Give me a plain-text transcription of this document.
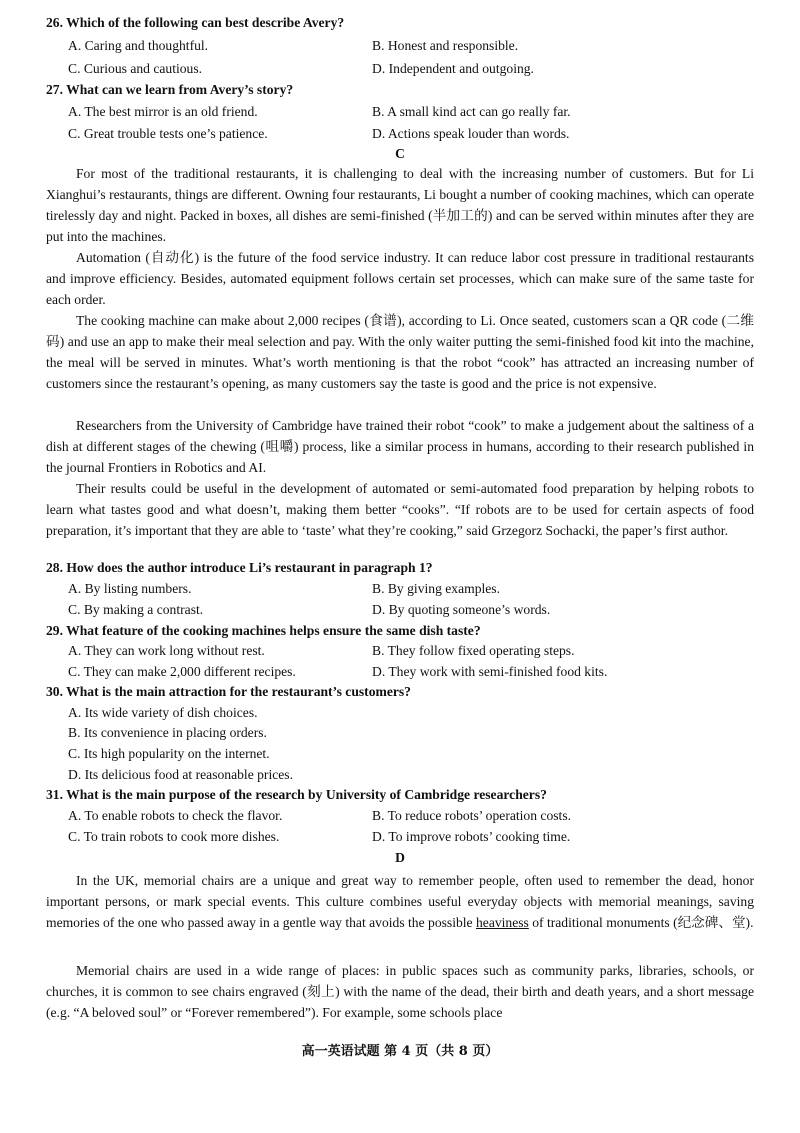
26. Which of the following can best describe Avery?
A. Caring and thoughtful.	B. Honest and responsible.
C. Curious and cautious.	D. Independent and outgoing.
27. What can we learn from Avery’s story?
A. The best mirror is an old friend.	B. A small kind act can go really far.
C. Great trouble tests one’s patience.	D. Actions speak louder than words.
C
For most of the traditional restaurants, it is challenging to deal with the increasing number of customers. But for Li Xianghui’s restaurants, things are different. Owning four restaurants, Li bought a number of cooking machines, which can operate tirelessly day and night. Packed in boxes, all dishes are semi-finished (半加工的) and can be served within minutes after they are put into the machines.
Automation (自动化) is the future of the food service industry. It can reduce labor cost pressure in traditional restaurants and improve efficiency. Besides, automated equipment follows certain set processes, which can make sure of the same taste for each order.
The cooking machine can make about 2,000 recipes (食谱), according to Li. Once seated, customers scan a QR code (二维码) and use an app to make their meal selection and pay. With the only waiter putting the semi-finished food kit into the machine, the meal will be served in minutes. What’s worth mentioning is that the robot “cook” has attracted an increasing number of customers since the restaurant’s opening, as many customers say the taste is good and the price is not expensive.
Researchers from the University of Cambridge have trained their robot “cook” to make a judgement about the saltiness of a dish at different stages of the chewing (咀嚼) process, like a similar process in humans, according to their research published in the journal Frontiers in Robotics and AI.
Their results could be useful in the development of automated or semi-automated food preparation by helping robots to learn what tastes good and what doesn’t, making them better “cooks”. “If robots are to be used for certain aspects of food preparation, it’s important that they are able to ‘taste’ what they’re cooking,” said Grzegorz Sochacki, the paper’s first author.
28. How does the author introduce Li’s restaurant in paragraph 1?
A. By listing numbers.	B. By giving examples.
C. By making a contrast.	D. By quoting someone’s words.
29. What feature of the cooking machines helps ensure the same dish taste?
A. They can work long without rest.	B. They follow fixed operating steps.
C. They can make 2,000 different recipes.	D. They work with semi-finished food kits.
30. What is the main attraction for the restaurant’s customers?
A. Its wide variety of dish choices.
B. Its convenience in placing orders.
C. Its high popularity on the internet.
D. Its delicious food at reasonable prices.
31. What is the main purpose of the research by University of Cambridge researchers?
A. To enable robots to check the flavor.	B. To reduce robots’ operation costs.
C. To train robots to cook more dishes.	D. To improve robots’ cooking time.
D
In the UK, memorial chairs are a unique and great way to remember people, often used to remember the dead, honor important persons, or mark special events. This culture combines useful everyday objects with memorial meanings, saving memories of the one who passed away in a gentle way that avoids the possible heaviness of traditional monuments (纪念碑、堂).
Memorial chairs are used in a wide range of places: in public spaces such as community parks, libraries, schools, or churches, it is common to see chairs engraved (刻上) with the name of the dead, their birth and death years, and a short message (e.g. “A beloved soul” or “Forever remembered”). For example, some schools place
高一英语试题 第 4 页（共 8 页）
